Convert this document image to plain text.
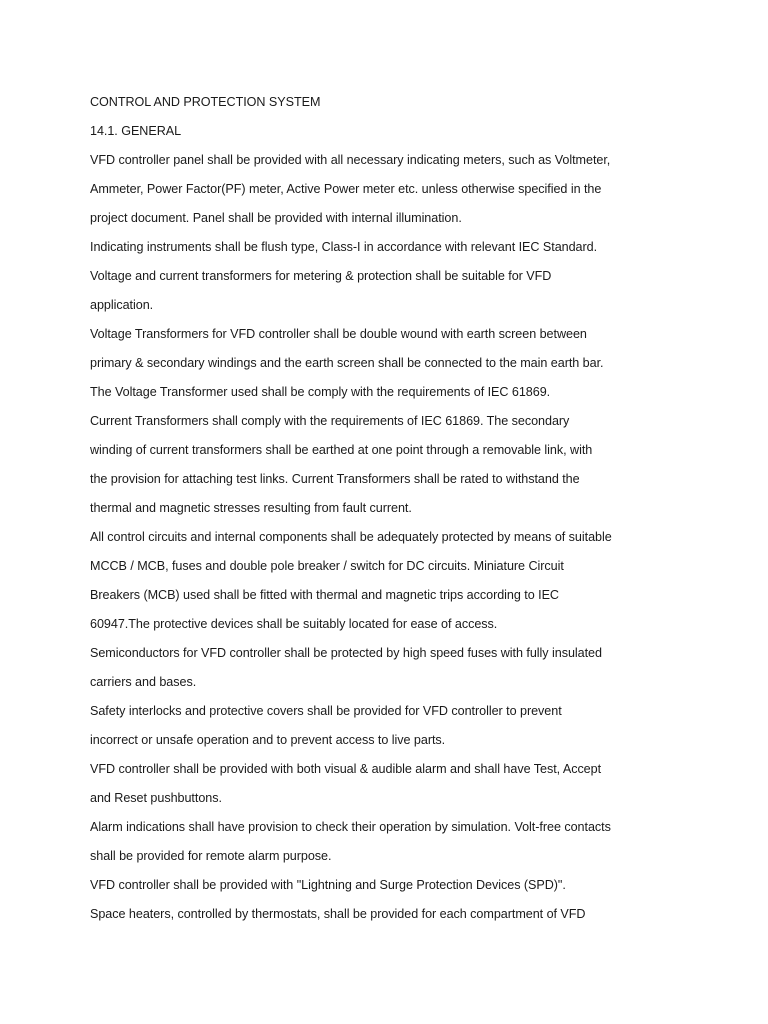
CONTROL AND PROTECTION SYSTEM
14.1. GENERAL
VFD controller panel shall be provided with all necessary indicating meters, such as Voltmeter,
Ammeter, Power Factor(PF) meter, Active Power meter etc. unless otherwise specified in the
project document. Panel shall be provided with internal illumination.
Indicating instruments shall be flush type, Class-I in accordance with relevant IEC Standard.
Voltage and current transformers for metering & protection shall be suitable for VFD
application.
Voltage Transformers for VFD controller shall be double wound with earth screen between
primary & secondary windings and the earth screen shall be connected to the main earth bar.
The Voltage Transformer used shall be comply with the requirements of IEC 61869.
Current Transformers shall comply with the requirements of IEC 61869. The secondary
winding of current transformers shall be earthed at one point through a removable link, with
the provision for attaching test links. Current Transformers shall be rated to withstand the
thermal and magnetic stresses resulting from fault current.
All control circuits and internal components shall be adequately protected by means of suitable
MCCB / MCB, fuses and double pole breaker / switch for DC circuits. Miniature Circuit
Breakers (MCB) used shall be fitted with thermal and magnetic trips according to IEC
60947.The protective devices shall be suitably located for ease of access.
Semiconductors for VFD controller shall be protected by high speed fuses with fully insulated
carriers and bases.
Safety interlocks and protective covers shall be provided for VFD controller to prevent
incorrect or unsafe operation and to prevent access to live parts.
VFD controller shall be provided with both visual & audible alarm and shall have Test, Accept
and Reset pushbuttons.
Alarm indications shall have provision to check their operation by simulation. Volt-free contacts
shall be provided for remote alarm purpose.
VFD controller shall be provided with "Lightning and Surge Protection Devices (SPD)".
Space heaters, controlled by thermostats, shall be provided for each compartment of VFD
